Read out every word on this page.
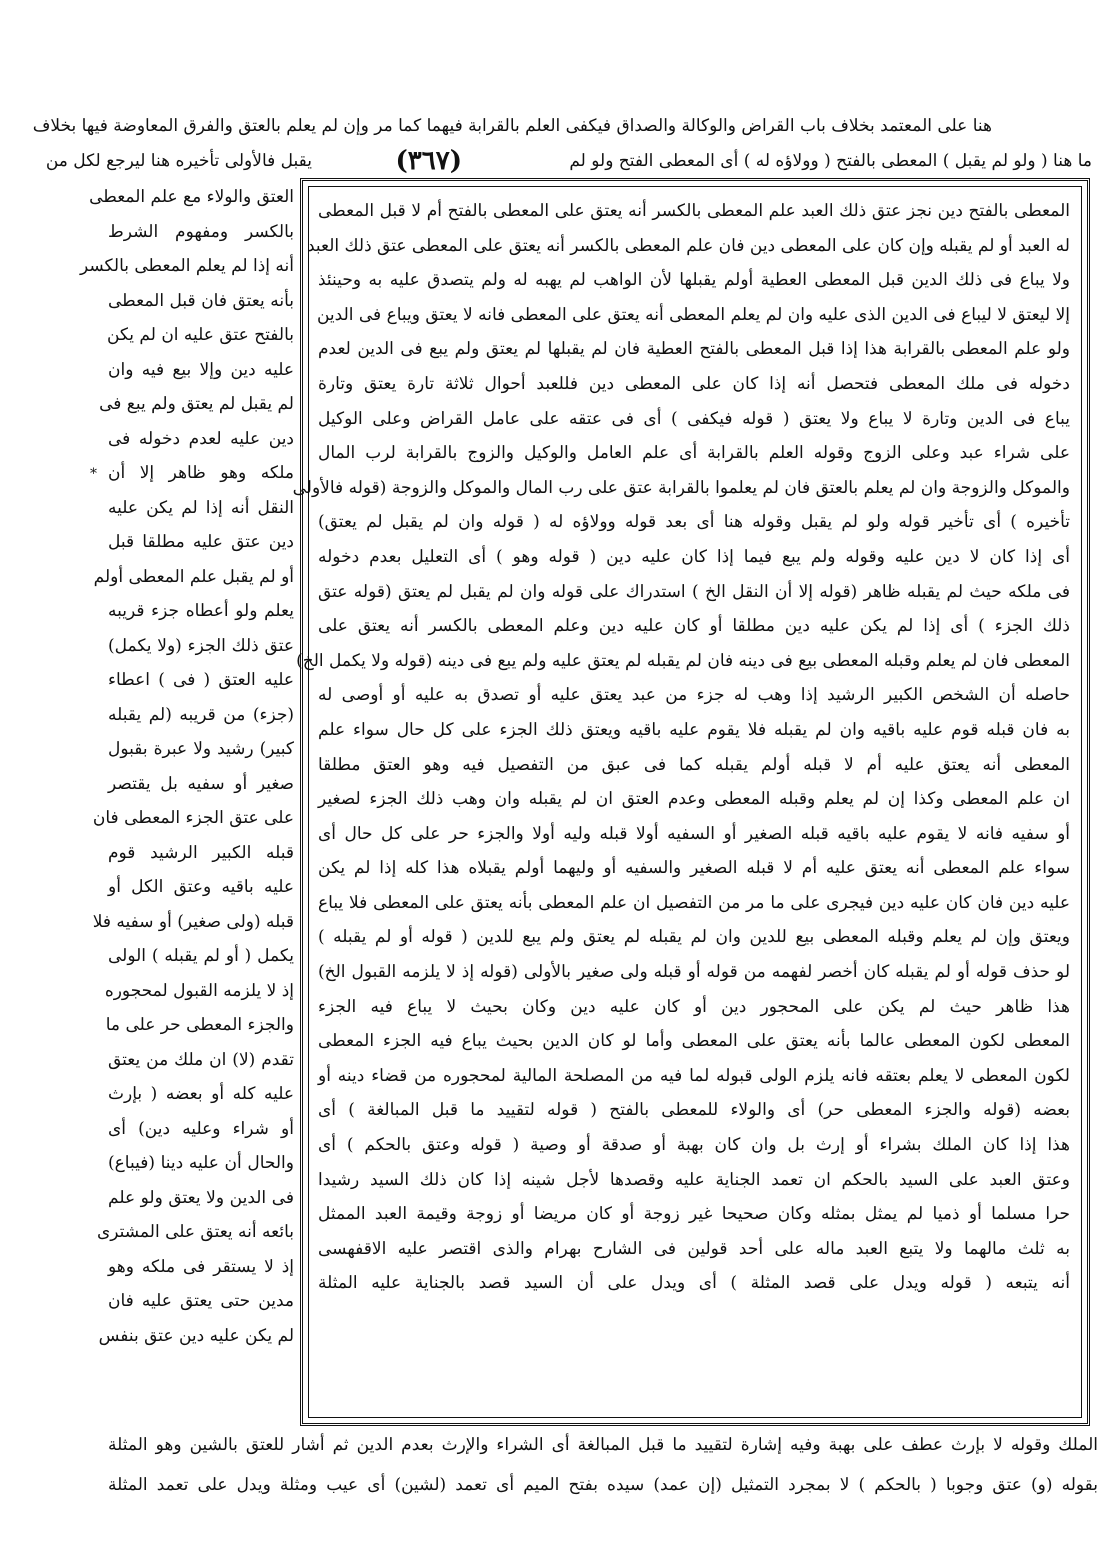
هنا على المعتمد بخلاف باب القراض والوكالة والصداق فيكفى العلم بالقرابة فيهما كما مر وإن لم يعلم بالعتق والفرق المعاوضة فيها بخلاف
ما هنا ( ولو لم يقبل ) المعطى بالفتح ( وولاؤه له ) أى المعطى الفتح ولو لم
(٣٦٧)
يقبل فالأولى تأخيره هنا ليرجع لكل من
المعطى بالفتح دين نجز عتق ذلك العبد علم المعطى بالكسر أنه يعتق على المعطى بالفتح أم لا قبل المعطى
له العبد أو لم يقبله وإن كان على المعطى دين فان علم المعطى بالكسر أنه يعتق على المعطى عتق ذلك العبد
ولا يباع فى ذلك الدين قبل المعطى العطية أولم يقبلها لأن الواهب لم يهبه له ولم يتصدق عليه به وحينئذ
إلا ليعتق لا ليباع فى الدين الذى عليه وان لم يعلم المعطى أنه يعتق على المعطى فانه لا يعتق ويباع فى الدين
ولو علم المعطى بالقرابة هذا إذا قبل المعطى بالفتح العطية فان لم يقبلها لم يعتق ولم يبع فى الدين لعدم
دخوله فى ملك المعطى فتحصل أنه إذا كان على المعطى دين فللعبد أحوال ثلاثة تارة يعتق وتارة
يباع فى الدين وتارة لا يباع ولا يعتق ( قوله فيكفى ) أى فى عتقه على عامل القراض وعلى الوكيل
على شراء عبد وعلى الزوج وقوله العلم بالقرابة أى علم العامل والوكيل والزوج بالقرابة لرب المال
والموكل والزوجة وان لم يعلم بالعتق فان لم يعلموا بالقرابة عتق على رب المال والموكل والزوجة (قوله فالأولى
تأخيره ) أى تأخير قوله ولو لم يقبل وقوله هنا أى بعد قوله وولاؤه له ( قوله وان لم يقبل لم يعتق)
أى إذا كان لا دين عليه وقوله ولم يبع فيما إذا كان عليه دين ( قوله وهو ) أى التعليل بعدم دخوله
فى ملكه حيث لم يقبله ظاهر (قوله إلا أن النقل الخ ) استدراك على قوله وان لم يقبل لم يعتق (قوله عتق
ذلك الجزء ) أى إذا لم يكن عليه دين مطلقا أو كان عليه دين وعلم المعطى بالكسر أنه يعتق على
المعطى فان لم يعلم وقبله المعطى بيع فى دينه فان لم يقبله لم يعتق عليه ولم يبع فى دينه (قوله ولا يكمل الخ)
حاصله أن الشخص الكبير الرشيد إذا وهب له جزء من عبد يعتق عليه أو تصدق به عليه أو أوصى له
به فان قبله قوم عليه باقيه وان لم يقبله فلا يقوم عليه باقيه ويعتق ذلك الجزء على كل حال سواء علم
المعطى أنه يعتق عليه أم لا قبله أولم يقبله كما فى عبق من التفصيل فيه وهو العتق مطلقا
ان علم المعطى وكذا إن لم يعلم وقبله المعطى وعدم العتق ان لم يقبله وان وهب ذلك الجزء لصغير
أو سفيه فانه لا يقوم عليه باقيه قبله الصغير أو السفيه أولا قبله وليه أولا والجزء حر على كل حال أى
سواء علم المعطى أنه يعتق عليه أم لا قبله الصغير والسفيه أو وليهما أولم يقبلاه هذا كله إذا لم يكن
عليه دين فان كان عليه دين فيجرى على ما مر من التفصيل ان علم المعطى بأنه يعتق على المعطى فلا يباع
ويعتق وإن لم يعلم وقبله المعطى بيع للدين وان لم يقبله لم يعتق ولم يبع للدين ( قوله أو لم يقبله )
لو حذف قوله أو لم يقبله كان أخصر لفهمه من قوله أو قبله ولى صغير بالأولى (قوله إذ لا يلزمه القبول الخ)
هذا ظاهر حيث لم يكن على المحجور دين أو كان عليه دين وكان بحيث لا يباع فيه الجزء
المعطى لكون المعطى عالما بأنه يعتق على المعطى وأما لو كان الدين بحيث يباع فيه الجزء المعطى
لكون المعطى لا يعلم بعتقه فانه يلزم الولى قبوله لما فيه من المصلحة المالية لمحجوره من قضاء دينه أو
بعضه (قوله والجزء المعطى حر) أى والولاء للمعطى بالفتح ( قوله لتقييد ما قبل المبالغة ) أى
هذا إذا كان الملك بشراء أو إرث بل وان كان بهبة أو صدقة أو وصية ( قوله وعتق بالحكم ) أى
وعتق العبد على السيد بالحكم ان تعمد الجناية عليه وقصدها لأجل شينه إذا كان ذلك السيد رشيدا
حرا مسلما أو ذميا لم يمثل بمثله وكان صحيحا غير زوجة أو كان مريضا أو زوجة وقيمة العبد الممثل
به ثلث مالهما ولا يتبع العبد ماله على أحد قولين فى الشارح بهرام والذى اقتصر عليه الاقفهسى
أنه يتبعه ( قوله ويدل على قصد المثلة ) أى ويدل على أن السيد قصد بالجناية عليه المثلة
العتق والولاء مع علم المعطى
بالكسر ومفهوم الشرط
أنه إذا لم يعلم المعطى بالكسر
بأنه يعتق فان قبل المعطى
بالفتح عتق عليه ان لم يكن
عليه دين وإلا بيع فيه وان
لم يقبل لم يعتق ولم يبع فى
دين عليه لعدم دخوله فى
ملكه وهو ظاهر إلا أن
النقل أنه إذا لم يكن عليه
دين عتق عليه مطلقا قبل
أو لم يقبل علم المعطى أولم
يعلم ولو أعطاه جزء قريبه
عتق ذلك الجزء (ولا يكمل)
عليه العتق ( فى ) اعطاء
(جزء) من قريبه (لم يقبله
كبير) رشيد ولا عبرة بقبول
صغير أو سفيه بل يقتصر
على عتق الجزء المعطى فان
قبله الكبير الرشيد قوم
عليه باقيه وعتق الكل أو
قبله (ولى صغير) أو سفيه فلا
يكمل ( أو لم يقبله ) الولى
إذ لا يلزمه القبول لمحجوره
والجزء المعطى حر على ما
تقدم (لا) ان ملك من يعتق
عليه كله أو بعضه ( بإرث
أو شراء وعليه دين) أى
والحال أن عليه دينا (فيباع)
فى الدين ولا يعتق ولو علم
بائعه أنه يعتق على المشترى
إذ لا يستقر فى ملكه وهو
مدين حتى يعتق عليه فان
لم يكن عليه دين عتق بنفس
*
الملك وقوله لا بإرث عطف على بهبة وفيه إشارة لتقييد ما قبل المبالغة أى الشراء والإرث بعدم الدين ثم أشار للعتق بالشين وهو المثلة
بقوله (و) عتق وجوبا ( بالحكم ) لا بمجرد التمثيل (إن عمد) سيده بفتح الميم أى تعمد (لشين) أى عيب ومثلة ويدل على تعمد المثلة
